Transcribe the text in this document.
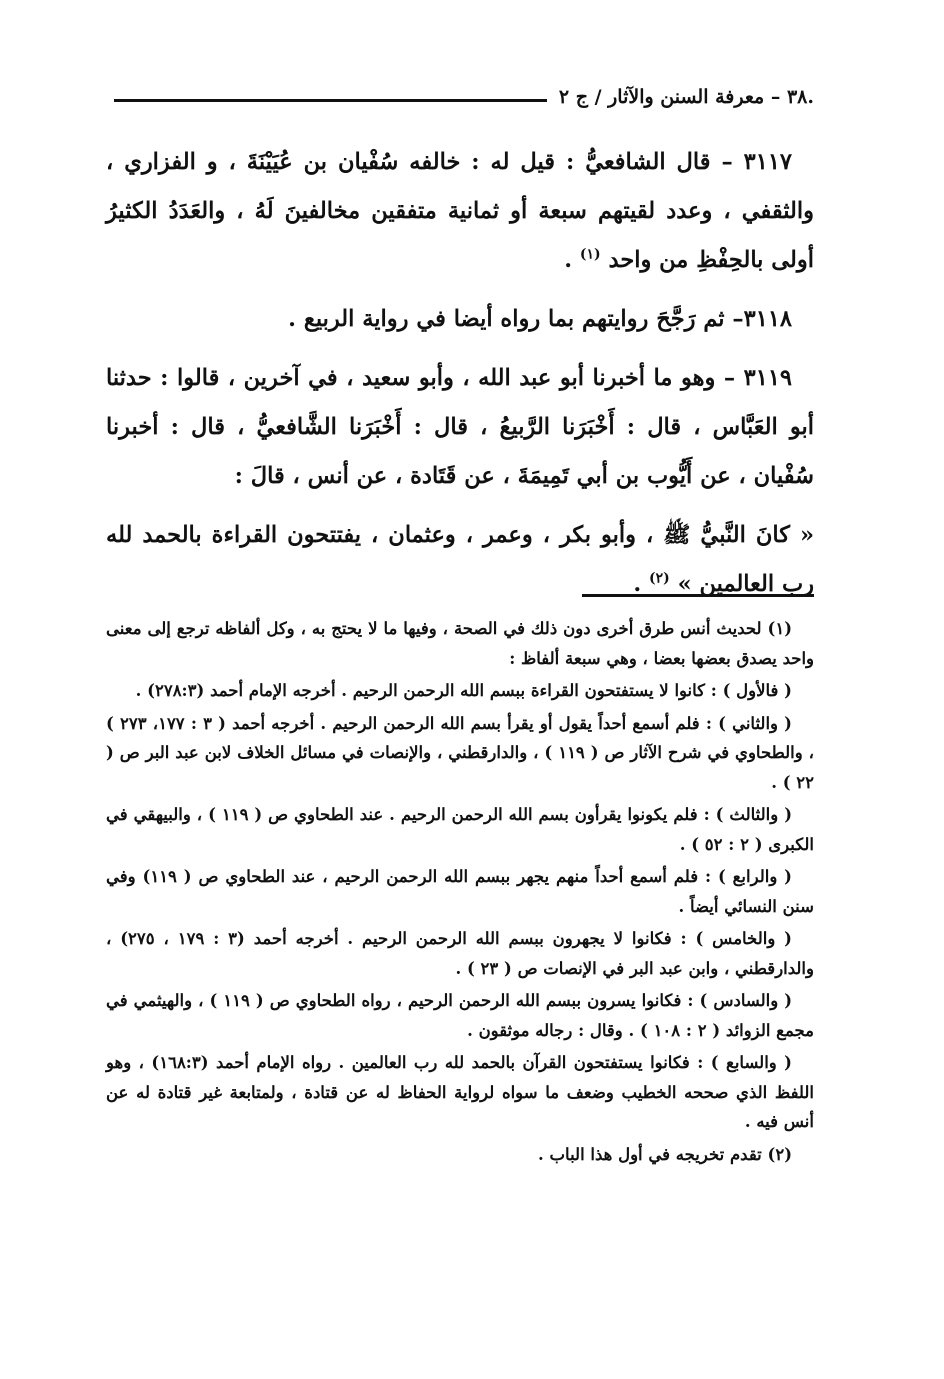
.٣٨ – معرفة السنن والآثار / ج ٢

٣١١٧ – قال الشافعيُّ : قيل له : خالفه سُفْيان بن عُيَيْنَةَ ، و الفزاري ، والثقفي ، وعدد لقيتهم سبعة أو ثمانية متفقين مخالفينَ لَهُ ، والعَدَدُ الكثيرُ أولى بالحِفْظِ من واحد $^{(١)}$ .

٣١١٨– ثم رَجَّحَ روايتهم بما رواه أيضا في رواية الربيع .

٣١١٩ – وهو ما أخبرنا أبو عبد الله ، وأبو سعيد ، في آخرين ، قالوا : حدثنا أبو العَبَّاس ، قال : أَخْبَرَنا الرَّبيعُ ، قال : أَخْبَرَنا الشَّافعيُّ ، قال : أخبرنا سُفْيان ، عن أَيُّوب بن أبي تَمِيمَةَ ، عن قَتَادة ، عن أنس ، قالَ :

« كانَ النَّبيُّ ﷺ ، وأبو بكر ، وعمر ، وعثمان ، يفتتحون القراءة بالحمد لله رب العالمين » $^{(٢)}$ .

(١) لحديث أنس طرق أخرى دون ذلك في الصحة ، وفيها ما لا يحتج به ، وكل ألفاظه ترجع إلى معنى واحد يصدق بعضها بعضا ، وهي سبعة ألفاظ :

( فالأول ) : كانوا لا يستفتحون القراءة ببسم الله الرحمن الرحيم . أخرجه الإمام أحمد (٢٧٨:٣) .

( والثاني ) : فلم أسمع أحداً يقول أو يقرأ بسم الله الرحمن الرحيم . أخرجه أحمد ( ٣ : ١٧٧، ٢٧٣ ) ، والطحاوي في شرح الآثار ص ( ١١٩ ) ، والدارقطني ، والإنصات في مسائل الخلاف لابن عبد البر ص ( ٢٢ ) .

( والثالث ) : فلم يكونوا يقرأون بسم الله الرحمن الرحيم . عند الطحاوي ص ( ١١٩ ) ، والبيهقي في الكبرى ( ٢ : ٥٢ ) .

( والرابع ) : فلم أسمع أحداً منهم يجهر ببسم الله الرحمن الرحيم ، عند الطحاوي ص ( ١١٩) وفي سنن النسائي أيضاً .

( والخامس ) : فكانوا لا يجهرون ببسم الله الرحمن الرحيم . أخرجه أحمد (٣ : ١٧٩ ، ٢٧٥) ، والدارقطني ، وابن عبد البر في الإنصات ص ( ٢٣ ) .

( والسادس ) : فكانوا يسرون ببسم الله الرحمن الرحيم ، رواه الطحاوي ص ( ١١٩ ) ، والهيثمي في مجمع الزوائد ( ٢ : ١٠٨ ) . وقال : رجاله موثقون .

( والسابع ) : فكانوا يستفتحون القرآن بالحمد لله رب العالمين . رواه الإمام أحمد (١٦٨:٣) ، وهو اللفظ الذي صححه الخطيب وضعف ما سواه لرواية الحفاظ له عن قتادة ، ولمتابعة غير قتادة له عن أنس فيه .

(٢) تقدم تخريجه في أول هذا الباب .
